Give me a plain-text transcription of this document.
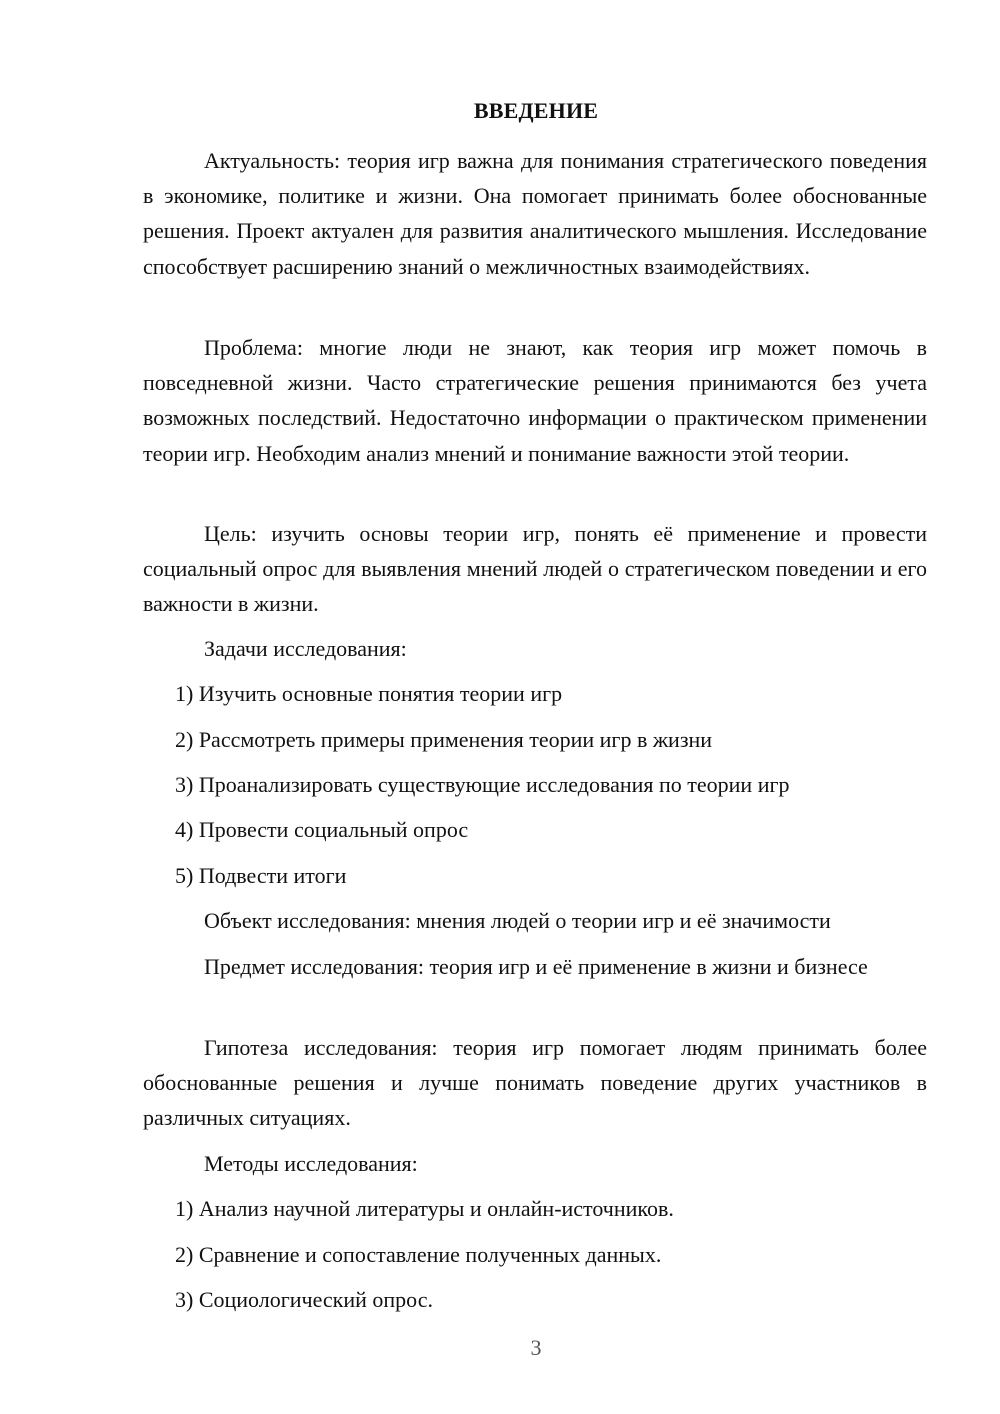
ВВЕДЕНИЕ

Актуальность: теория игр важна для понимания стратегического поведения в экономике, политике и жизни. Она помогает принимать более обоснованные решения. Проект актуален для развития аналитического мышления. Исследование способствует расширению знаний о межличностных взаимодействиях.

Проблема: многие люди не знают, как теория игр может помочь в повседневной жизни. Часто стратегические решения принимаются без учета возможных последствий. Недостаточно информации о практическом применении теории игр. Необходим анализ мнений и понимание важности этой теории.

Цель: изучить основы теории игр, понять её применение и провести социальный опрос для выявления мнений людей о стратегическом поведении и его важности в жизни.

Задачи исследования:

1) Изучить основные понятия теории игр

2) Рассмотреть примеры применения теории игр в жизни

3) Проанализировать существующие исследования по теории игр

4) Провести социальный опрос

5) Подвести итоги

Объект исследования: мнения людей о теории игр и её значимости

Предмет исследования: теория игр и её применение в жизни и бизнесе

Гипотеза исследования: теория игр помогает людям принимать более обоснованные решения и лучше понимать поведение других участников в различных ситуациях.

Методы исследования:

1) Анализ научной литературы и онлайн-источников.

2) Сравнение и сопоставление полученных данных.

3) Социологический опрос.

3
